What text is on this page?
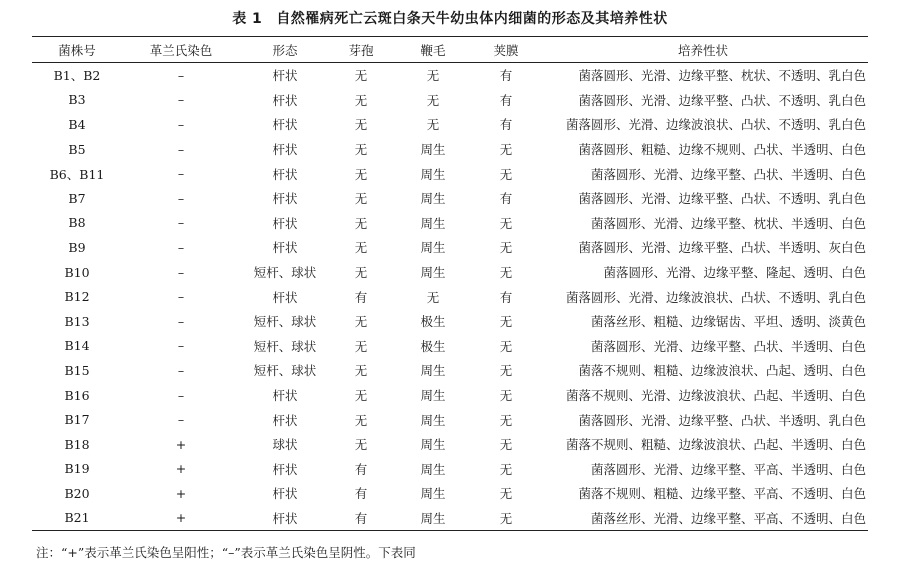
表 1 自然罹病死亡云斑白条天牛幼虫体内细菌的形态及其培养性状
菌株号	革兰氏染色	形态	芽孢	鞭毛	荚膜	培养性状
B1、B2	–	杆状	无	无	有	菌落圆形、光滑、边缘平整、枕状、不透明、乳白色
B3	–	杆状	无	无	有	菌落圆形、光滑、边缘平整、凸状、不透明、乳白色
B4	–	杆状	无	无	有	菌落圆形、光滑、边缘波浪状、凸状、不透明、乳白色
B5	–	杆状	无	周生	无	菌落圆形、粗糙、边缘不规则、凸状、半透明、白色
B6、B11	–	杆状	无	周生	无	菌落圆形、光滑、边缘平整、凸状、半透明、白色
B7	–	杆状	无	周生	有	菌落圆形、光滑、边缘平整、凸状、不透明、乳白色
B8	–	杆状	无	周生	无	菌落圆形、光滑、边缘平整、枕状、半透明、白色
B9	–	杆状	无	周生	无	菌落圆形、光滑、边缘平整、凸状、半透明、灰白色
B10	–	短杆、球状	无	周生	无	菌落圆形、光滑、边缘平整、隆起、透明、白色
B12	–	杆状	有	无	有	菌落圆形、光滑、边缘波浪状、凸状、不透明、乳白色
B13	–	短杆、球状	无	极生	无	菌落丝形、粗糙、边缘锯齿、平坦、透明、淡黄色
B14	–	短杆、球状	无	极生	无	菌落圆形、光滑、边缘平整、凸状、半透明、白色
B15	–	短杆、球状	无	周生	无	菌落不规则、粗糙、边缘波浪状、凸起、透明、白色
B16	–	杆状	无	周生	无	菌落不规则、光滑、边缘波浪状、凸起、半透明、白色
B17	–	杆状	无	周生	无	菌落圆形、光滑、边缘平整、凸状、半透明、乳白色
B18	+	球状	无	周生	无	菌落不规则、粗糙、边缘波浪状、凸起、半透明、白色
B19	+	杆状	有	周生	无	菌落圆形、光滑、边缘平整、平高、半透明、白色
B20	+	杆状	有	周生	无	菌落不规则、粗糙、边缘平整、平高、不透明、白色
B21	+	杆状	有	周生	无	菌落丝形、光滑、边缘平整、平高、不透明、白色
注：“+”表示革兰氏染色呈阳性；“–”表示革兰氏染色呈阴性。下表同
